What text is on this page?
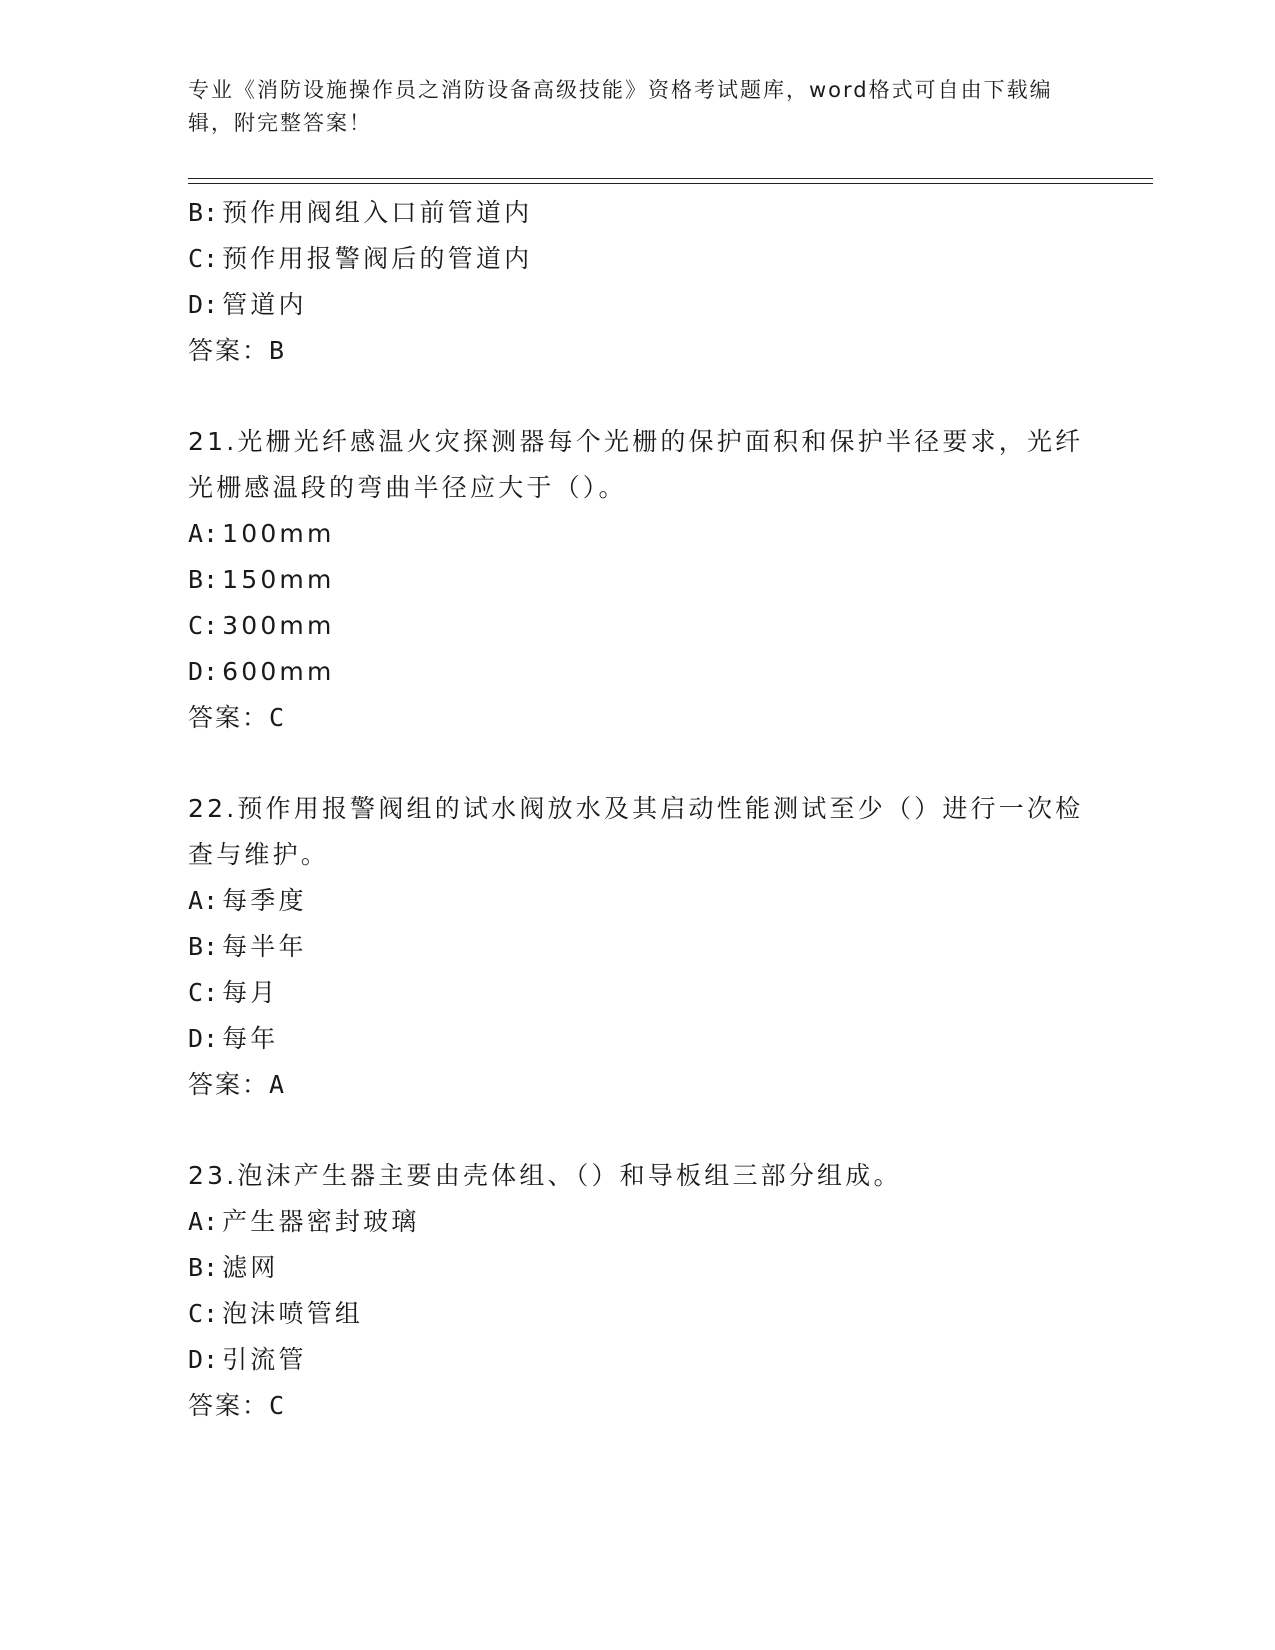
专业《消防设施操作员之消防设备高级技能》资格考试题库，word格式可自由下载编辑，附完整答案！
B: 预作用阀组入口前管道内
C: 预作用报警阀后的管道内
D: 管道内
答案：B
21.光栅光纤感温火灾探测器每个光栅的保护面积和保护半径要求，光纤光栅感温段的弯曲半径应大于（）。
A: 100mm
B: 150mm
C: 300mm
D: 600mm
答案：C
22.预作用报警阀组的试水阀放水及其启动性能测试至少（）进行一次检查与维护。
A: 每季度
B: 每半年
C: 每月
D: 每年
答案：A
23.泡沫产生器主要由壳体组、（）和导板组三部分组成。
A: 产生器密封玻璃
B: 滤网
C: 泡沫喷管组
D: 引流管
答案：C
